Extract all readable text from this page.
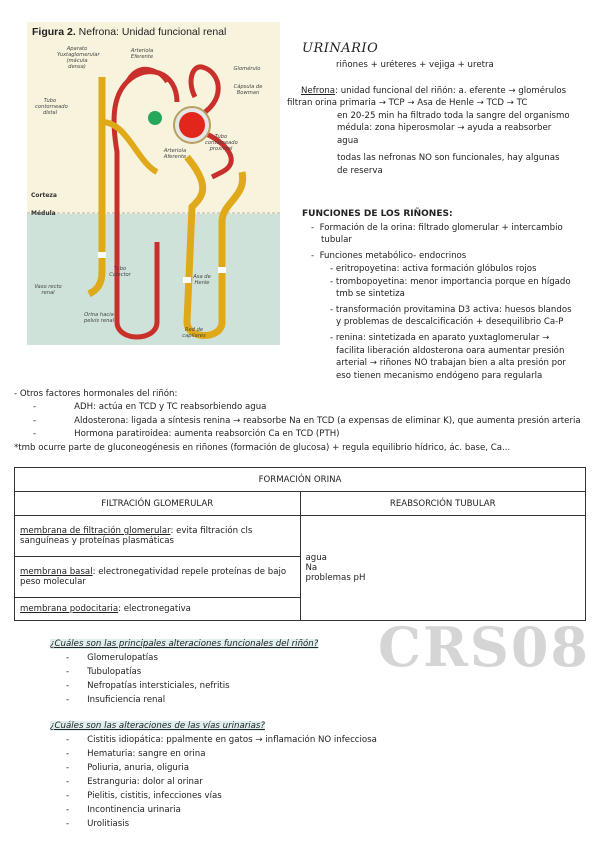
CRS08
Figura 2. Nefrona: Unidad funcional renal
Aparato Yuxtaglomerular (mácula densa)
Arteriola Eferente
Glomérulo
Cápsula de Bowman
Tubo contorneado distal
Arteriola Aferente
Tubo contorneado proximal
Corteza
Médula
Tubo Colector	Asa de Henle
Vaso recto renal
Orina hacia pelvis renal
Red de capilares
URINARIO
riñones + uréteres + vejiga + uretra
Nefrona: unidad funcional del riñón: a. eferente → glomérulos
filtran orina primaria → TCP → Asa de Henle → TCD → TC
en 20-25 min ha filtrado toda la sangre del organismo
médula: zona hiperosmolar → ayuda a reabsorber
agua
todas las nefronas NO son funcionales, hay algunas
de reserva
FUNCIONES DE LOS RIÑONES:
-  Formación de la orina: filtrado glomerular + intercambio
tubular
-  Funciones metabólico- endocrinos
- eritropoyetina: activa formación glóbulos rojos
- trombopoyetina: menor importancia porque en hígado
tmb se sintetiza
- transformación provitamina D3 activa: huesos blandos
y problemas de descalcificación + desequilibrio Ca-P
- renina: sintetizada en aparato yuxtaglomerular →
facilita liberación aldosterona oara aumentar presión
arterial → riñones NO trabajan bien a alta presión por
eso tienen mecanismo endógeno para regularla
- Otros factores hormonales del riñón:
-	ADH: actúa en TCD y TC reabsorbiendo agua
-	Aldosterona: ligada a síntesis renina → reabsorbe Na en TCD (a expensas de eliminar K), que aumenta presión arteria
-	Hormona paratiroidea: aumenta reabsorción Ca en TCD (PTH)
*tmb ocurre parte de gluconeogénesis en riñones (formación de glucosa) + regula equilibrio hídrico, ác. base, Ca...
FORMACIÓN ORINA	
FILTRACIÓN GLOMERULAR	REABSORCIÓN TUBULAR
membrana de filtración glomerular: evita filtración cls sanguíneas y proteínas plasmáticas	agua
Na
problemas pH

membrana basal: electronegatividad repele proteínas de bajo peso molecular	
membrana podocitaria: electronegativa	
¿Cuáles son las principales alteraciones funcionales del riñón?
- Glomerulopatías
- Tubulopatías
- Nefropatías intersticiales, nefritis
- Insuficiencia renal
¿Cuáles son las alteraciones de las vías urinarias?
- Cistitis idiopática: ppalmente en gatos → inflamación NO infecciosa
- Hematuria: sangre en orina
- Poliuria, anuria, oliguria
- Estranguria: dolor al orinar
- Pielitis, cistitis, infecciones vías
- Incontinencia urinaria
- Urolitiasis
